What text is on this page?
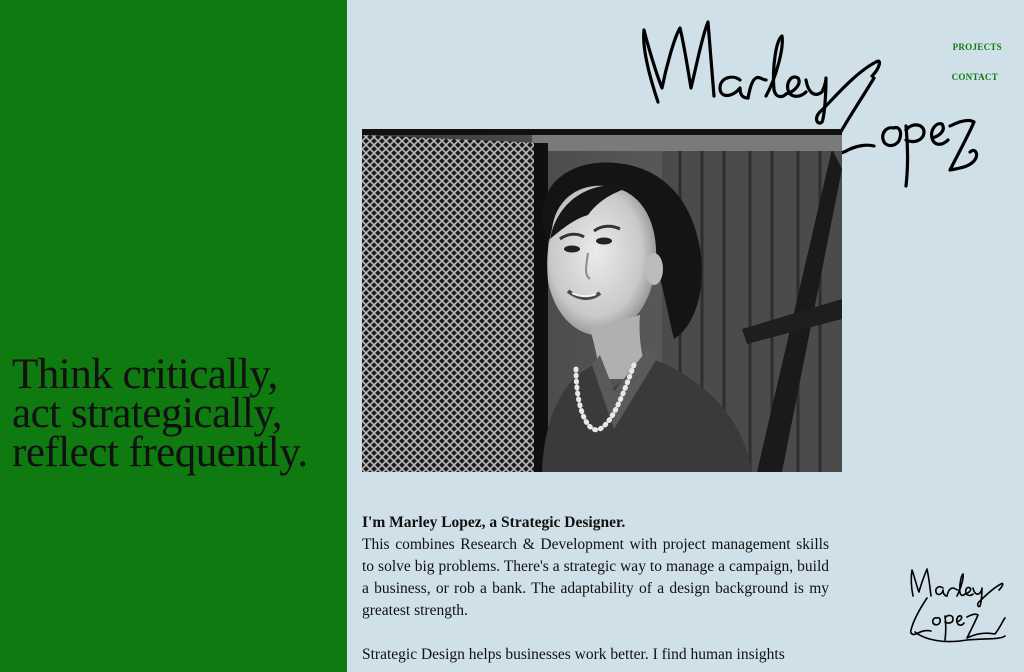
Think critically,
act strategically,
reflect frequently.
projects
contact

I'm Marley Lopez, a Strategic Designer.

This combines Research & Development with project management skills to solve big problems. There's a strategic way to manage a campaign, build a business, or rob a bank. The adaptability of a design background is my greatest strength.

Strategic Design helps businesses work better. I find human insights
